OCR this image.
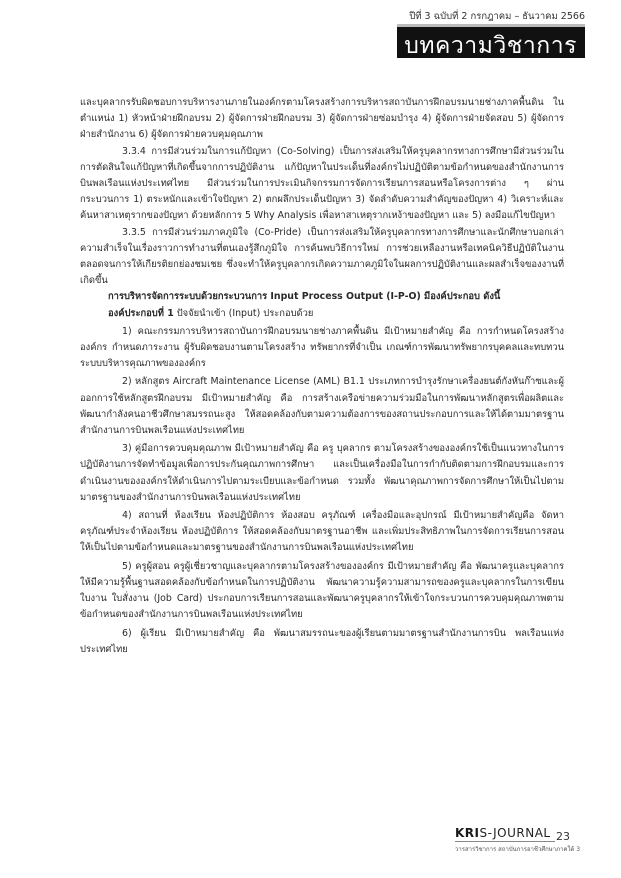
ปีที่ 3 ฉบับที่ 2 กรกฎาคม – ธันวาคม 2566
บทความวิชาการ

และบุคลากรรับผิดชอบการบริหารงานภายในองค์กรตามโครงสร้างการบริหารสถาบันการฝึกอบรมนายช่างภาคพื้นดิน ในตำแหน่ง 1) หัวหน้าฝ่ายฝึกอบรม 2) ผู้จัดการฝ่ายฝึกอบรม 3) ผู้จัดการฝ่ายซ่อมบำรุง 4) ผู้จัดการฝ่ายจัดสอบ 5) ผู้จัดการฝ่ายสำนักงาน 6) ผู้จัดการฝ่ายควบคุมคุณภาพ

3.3.4 การมีส่วนร่วมในการแก้ปัญหา (Co-Solving) เป็นการส่งเสริมให้ครูบุคลากรทางการศึกษามีส่วนร่วมในการตัดสินใจแก้ปัญหาที่เกิดขึ้นจากการปฏิบัติงาน แก้ปัญหาในประเด็นที่องค์กรไม่ปฏิบัติตามข้อกำหนดของสำนักงานการบินพลเรือนแห่งประเทศไทย มีส่วนร่วมในการประเมินกิจกรรมการจัดการเรียนการสอนหรือโครงการต่าง ๆ ผ่านกระบวนการ 1) ตระหนักและเข้าใจปัญหา 2) ตกผลึกประเด็นปัญหา 3) จัดลำดับความสำคัญของปัญหา 4) วิเคราะห์และค้นหาสาเหตุรากของปัญหา ด้วยหลักการ 5 Why Analysis เพื่อหาสาเหตุรากเหง้าของปัญหา และ 5) ลงมือแก้ไขปัญหา

3.3.5 การมีส่วนร่วมภาคภูมิใจ (Co-Pride) เป็นการส่งเสริมให้ครูบุคลากรทางการศึกษาและนักศึกษาบอกเล่าความสำเร็จในเรื่องราวการทำงานที่ตนเองรู้สึกภูมิใจ การค้นพบวิธีการใหม่ การช่วยเหลืองานหรือเทคนิควิธีปฏิบัติในงาน ตลอดจนการให้เกียรติยกย่องชมเชย ซึ่งจะทำให้ครูบุคลากรเกิดความภาคภูมิใจในผลการปฏิบัติงานและผลสำเร็จของงานที่เกิดขึ้น

การบริหารจัดการระบบด้วยกระบวนการ Input Process Output (I-P-O) มีองค์ประกอบ ดังนี้

องค์ประกอบที่ 1 ปัจจัยนำเข้า (Input) ประกอบด้วย

1) คณะกรรมการบริหารสถาบันการฝึกอบรมนายช่างภาคพื้นดิน มีเป้าหมายสำคัญ คือ การกำหนดโครงสร้างองค์กร กำหนดภาระงาน ผู้รับผิดชอบงานตามโครงสร้าง ทรัพยากรที่จำเป็น เกณฑ์การพัฒนาทรัพยากรบุคคลและทบทวนระบบบริหารคุณภาพขององค์กร

2) หลักสูตร Aircraft Maintenance License (AML) B1.1 ประเภทการบำรุงรักษาเครื่องยนต์กังหันก๊าซและผู้ออกการใช้หลักสูตรฝึกอบรม มีเป้าหมายสำคัญ คือ การสร้างเครือข่ายความร่วมมือในการพัฒนาหลักสูตรเพื่อผลิตและพัฒนากำลังคนอาชีวศึกษาสมรรถนะสูง ให้สอดคล้องกับตามความต้องการของสถานประกอบการและให้ได้ตามมาตรฐานสำนักงานการบินพลเรือนแห่งประเทศไทย

3) คู่มือการควบคุมคุณภาพ มีเป้าหมายสำคัญ คือ ครู บุคลากร ตามโครงสร้างขององค์กรใช้เป็นแนวทางในการปฏิบัติงานการจัดทำข้อมูลเพื่อการประกันคุณภาพการศึกษา และเป็นเครื่องมือในการกำกับติดตามการฝึกอบรมและการดำเนินงานขององค์กรให้ดำเนินการไปตามระเบียบและข้อกำหนด รวมทั้ง พัฒนาคุณภาพการจัดการศึกษาให้เป็นไปตามมาตรฐานของสำนักงานการบินพลเรือนแห่งประเทศไทย

4) สถานที่ ห้องเรียน ห้องปฏิบัติการ ห้องสอบ ครุภัณฑ์ เครื่องมือและอุปกรณ์ มีเป้าหมายสำคัญคือ จัดหาครุภัณฑ์ประจำห้องเรียน ห้องปฏิบัติการ ให้สอดคล้องกับมาตรฐานอาชีพ และเพิ่มประสิทธิภาพในการจัดการเรียนการสอนให้เป็นไปตามข้อกำหนดและมาตรฐานของสำนักงานการบินพลเรือนแห่งประเทศไทย

5) ครูผู้สอน ครูผู้เชี่ยวชาญและบุคลากรตามโครงสร้างขององค์กร มีเป้าหมายสำคัญ คือ พัฒนาครูและบุคลากรให้มีความรู้พื้นฐานสอดคล้องกับข้อกำหนดในการปฏิบัติงาน พัฒนาความรู้ความสามารถของครูและบุคลากรในการเขียนใบงาน ใบสั่งงาน (Job Card) ประกอบการเรียนการสอนและพัฒนาครูบุคลากรให้เข้าใจกระบวนการควบคุมคุณภาพตามข้อกำหนดของสำนักงานการบินพลเรือนแห่งประเทศไทย

6) ผู้เรียน มีเป้าหมายสำคัญ คือ พัฒนาสมรรถนะของผู้เรียนตามมาตรฐานสำนักงานการบิน พลเรือนแห่งประเทศไทย

KRIS-JOURNAL
วารสารวิชาการ สถาบันการอาชีวศึกษาภาคใต้ 3
23
